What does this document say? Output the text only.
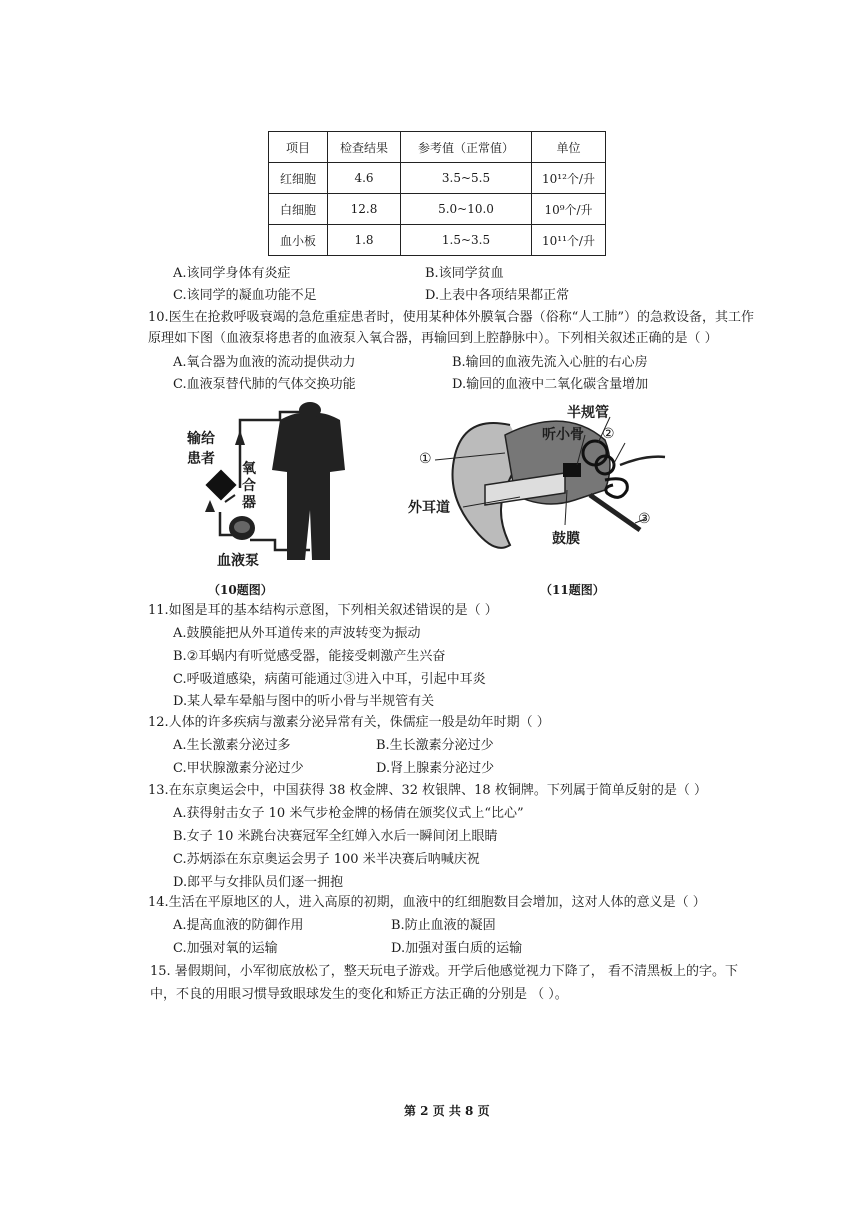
项目	检查结果	参考值（正常值）	单位
红细胞	4.6	3.5~5.5	10¹²个/升
白细胞	12.8	5.0~10.0	10⁹个/升
血小板	1.8	1.5~3.5	10¹¹个/升
A.该同学身体有炎症	B.该同学贫血
C.该同学的凝血功能不足	D.上表中各项结果都正常
10.医生在抢救呼吸衰竭的急危重症患者时，使用某种体外膜氧合器（俗称“人工肺”）的急救设备，其工作
原理如下图（血液泵将患者的血液泵入氧合器，再输回到上腔静脉中）。下列相关叙述正确的是（ ）
A.氧合器为血液的流动提供动力	B.输回的血液先流入心脏的右心房
C.血液泵替代肺的气体交换功能	D.输回的血液中二氧化碳含量增加
输给
患者
氧
合
器
血液泵
（10题图）
①
半规管
听小骨 ②
外耳道
鼓膜
③
（11题图）
11.如图是耳的基本结构示意图，下列相关叙述错误的是（ ）
A.鼓膜能把从外耳道传来的声波转变为振动
B.②耳蜗内有听觉感受器，能接受刺激产生兴奋
C.呼吸道感染，病菌可能通过③进入中耳，引起中耳炎
D.某人晕车晕船与图中的听小骨与半规管有关
12.人体的许多疾病与激素分泌异常有关，侏儒症一般是幼年时期（ ）
A.生长激素分泌过多	B.生长激素分泌过少
C.甲状腺激素分泌过少	D.肾上腺素分泌过少
13.在东京奥运会中，中国获得 38 枚金牌、32 枚银牌、18 枚铜牌。下列属于简单反射的是（ ）
A.获得射击女子 10 米气步枪金牌的杨倩在颁奖仪式上“比心”
B.女子 10 米跳台决赛冠军全红婵入水后一瞬间闭上眼睛
C.苏炳添在东京奥运会男子 100 米半决赛后呐喊庆祝
D.郎平与女排队员们逐一拥抱
14.生活在平原地区的人，进入高原的初期，血液中的红细胞数目会增加，这对人体的意义是（ ）
A.提高血液的防御作用	B.防止血液的凝固
C.加强对氧的运输	D.加强对蛋白质的运输
15. 暑假期间，小军彻底放松了，整天玩电子游戏。开学后他感觉视力下降了， 看不清黑板上的字。下
中，不良的用眼习惯导致眼球发生的变化和矫正方法正确的分别是 （ ）。
第 2 页 共 8 页
